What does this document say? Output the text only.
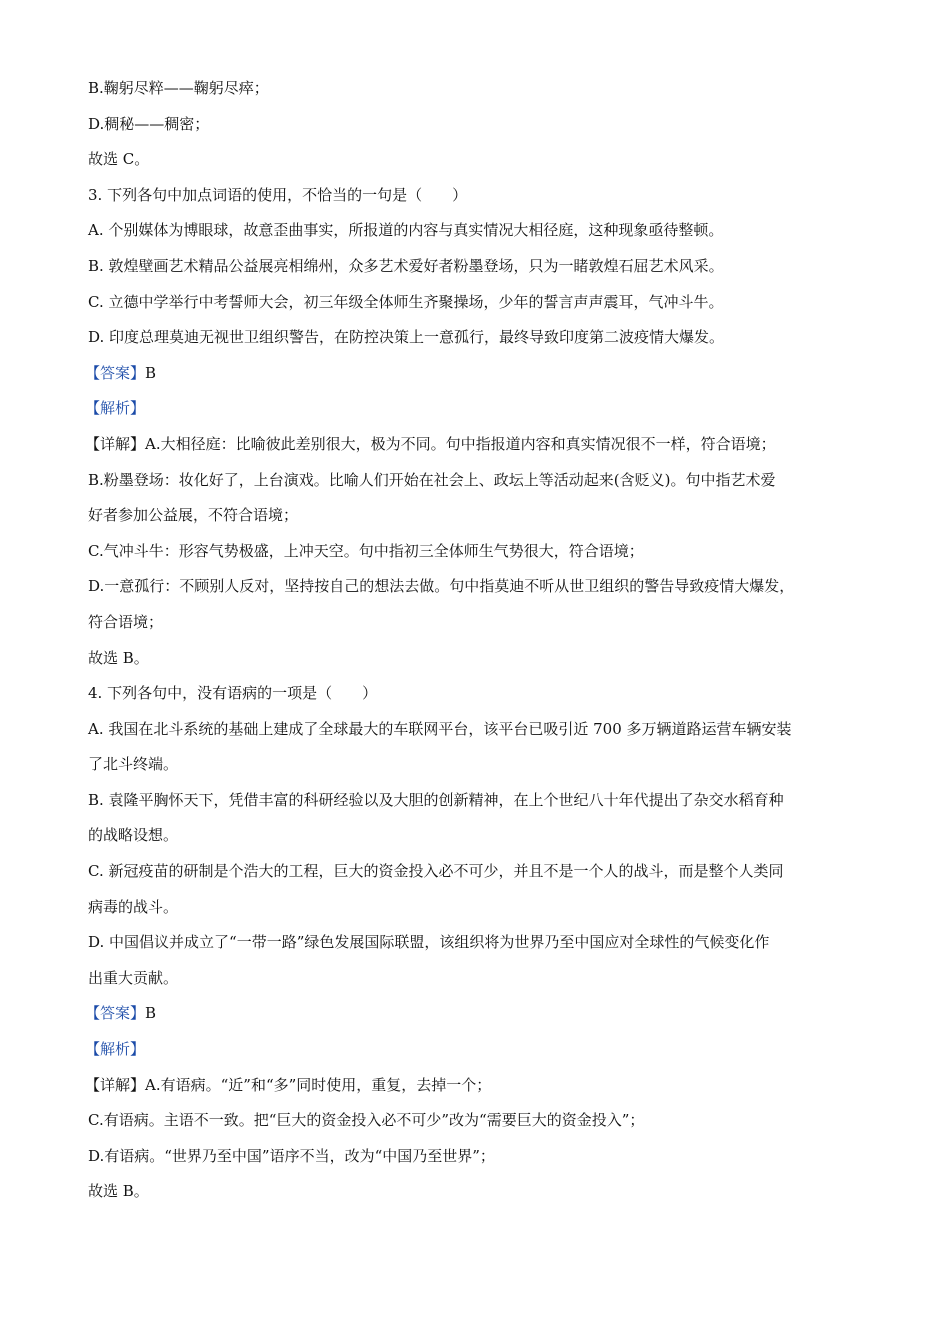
B.鞠躬尽粹——鞠躬尽瘁；
D.稠秘——稠密；
故选 C。
3. 下列各句中加点词语的使用，不恰当的一句是（　　）
A. 个别媒体为博眼球，故意歪曲事实，所报道的内容与真实情况大相径庭，这种现象亟待整顿。
B. 敦煌壁画艺术精品公益展亮相绵州，众多艺术爱好者粉墨登场，只为一睹敦煌石屈艺术风采。
C. 立德中学举行中考誓师大会，初三年级全体师生齐聚操场，少年的誓言声声震耳，气冲斗牛。
D. 印度总理莫迪无视世卫组织警告，在防控决策上一意孤行，最终导致印度第二波疫情大爆发。
【答案】B
【解析】
【详解】A.大相径庭：比喻彼此差别很大，极为不同。句中指报道内容和真实情况很不一样，符合语境；
B.粉墨登场：妆化好了，上台演戏。比喻人们开始在社会上、政坛上等活动起来(含贬义)。句中指艺术爱
好者参加公益展，不符合语境；
C.气冲斗牛：形容气势极盛，上冲天空。句中指初三全体师生气势很大，符合语境；
D.一意孤行：不顾别人反对，坚持按自己的想法去做。句中指莫迪不听从世卫组织的警告导致疫情大爆发，
符合语境；
故选 B。
4. 下列各句中，没有语病的一项是（　　）
A. 我国在北斗系统的基础上建成了全球最大的车联网平台，该平台已吸引近 700 多万辆道路运营车辆安装
了北斗终端。
B. 袁隆平胸怀天下，凭借丰富的科研经验以及大胆的创新精神，在上个世纪八十年代提出了杂交水稻育种
的战略设想。
C. 新冠疫苗的研制是个浩大的工程，巨大的资金投入必不可少，并且不是一个人的战斗，而是整个人类同
病毒的战斗。
D. 中国倡议并成立了“一带一路”绿色发展国际联盟，该组织将为世界乃至中国应对全球性的气候变化作
出重大贡献。
【答案】B
【解析】
【详解】A.有语病。“近”和“多”同时使用，重复，去掉一个；
C.有语病。主语不一致。把“巨大的资金投入必不可少”改为“需要巨大的资金投入”；
D.有语病。“世界乃至中国”语序不当，改为“中国乃至世界”；
故选 B。
